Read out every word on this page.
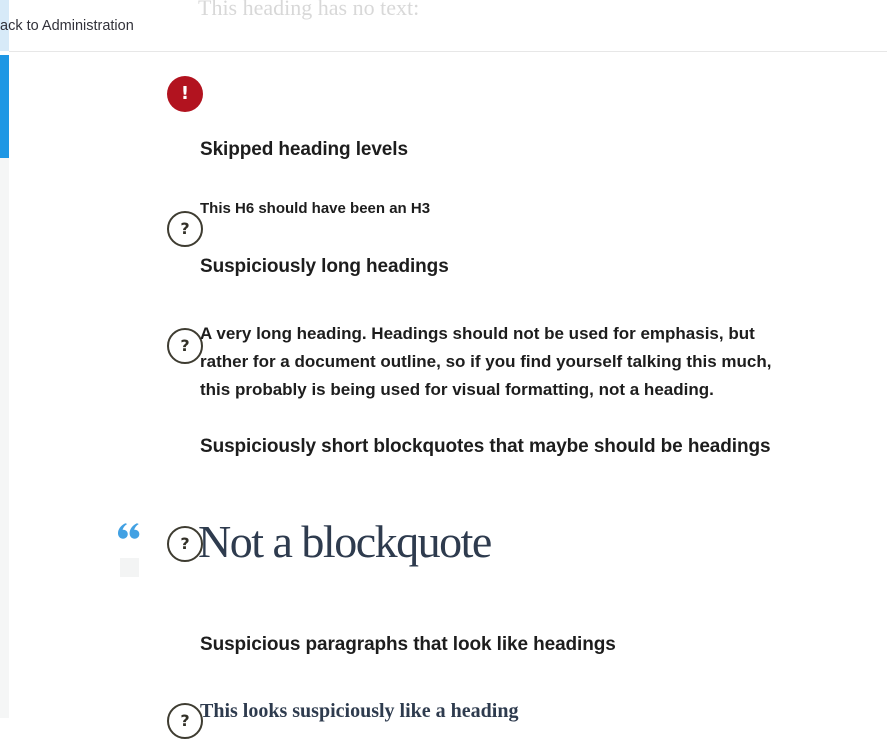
ack to Administration
This heading has no text:
!
Skipped heading levels
This H6 should have been an H3
?
Suspiciously long headings
?
A very long heading. Headings should not be used for emphasis, but
rather for a document outline, so if you find yourself talking this much,
this probably is being used for visual formatting, not a heading.
Suspiciously short blockquotes that maybe should be headings
? Not a blockquote
Suspicious paragraphs that look like headings
? This looks suspiciously like a heading
